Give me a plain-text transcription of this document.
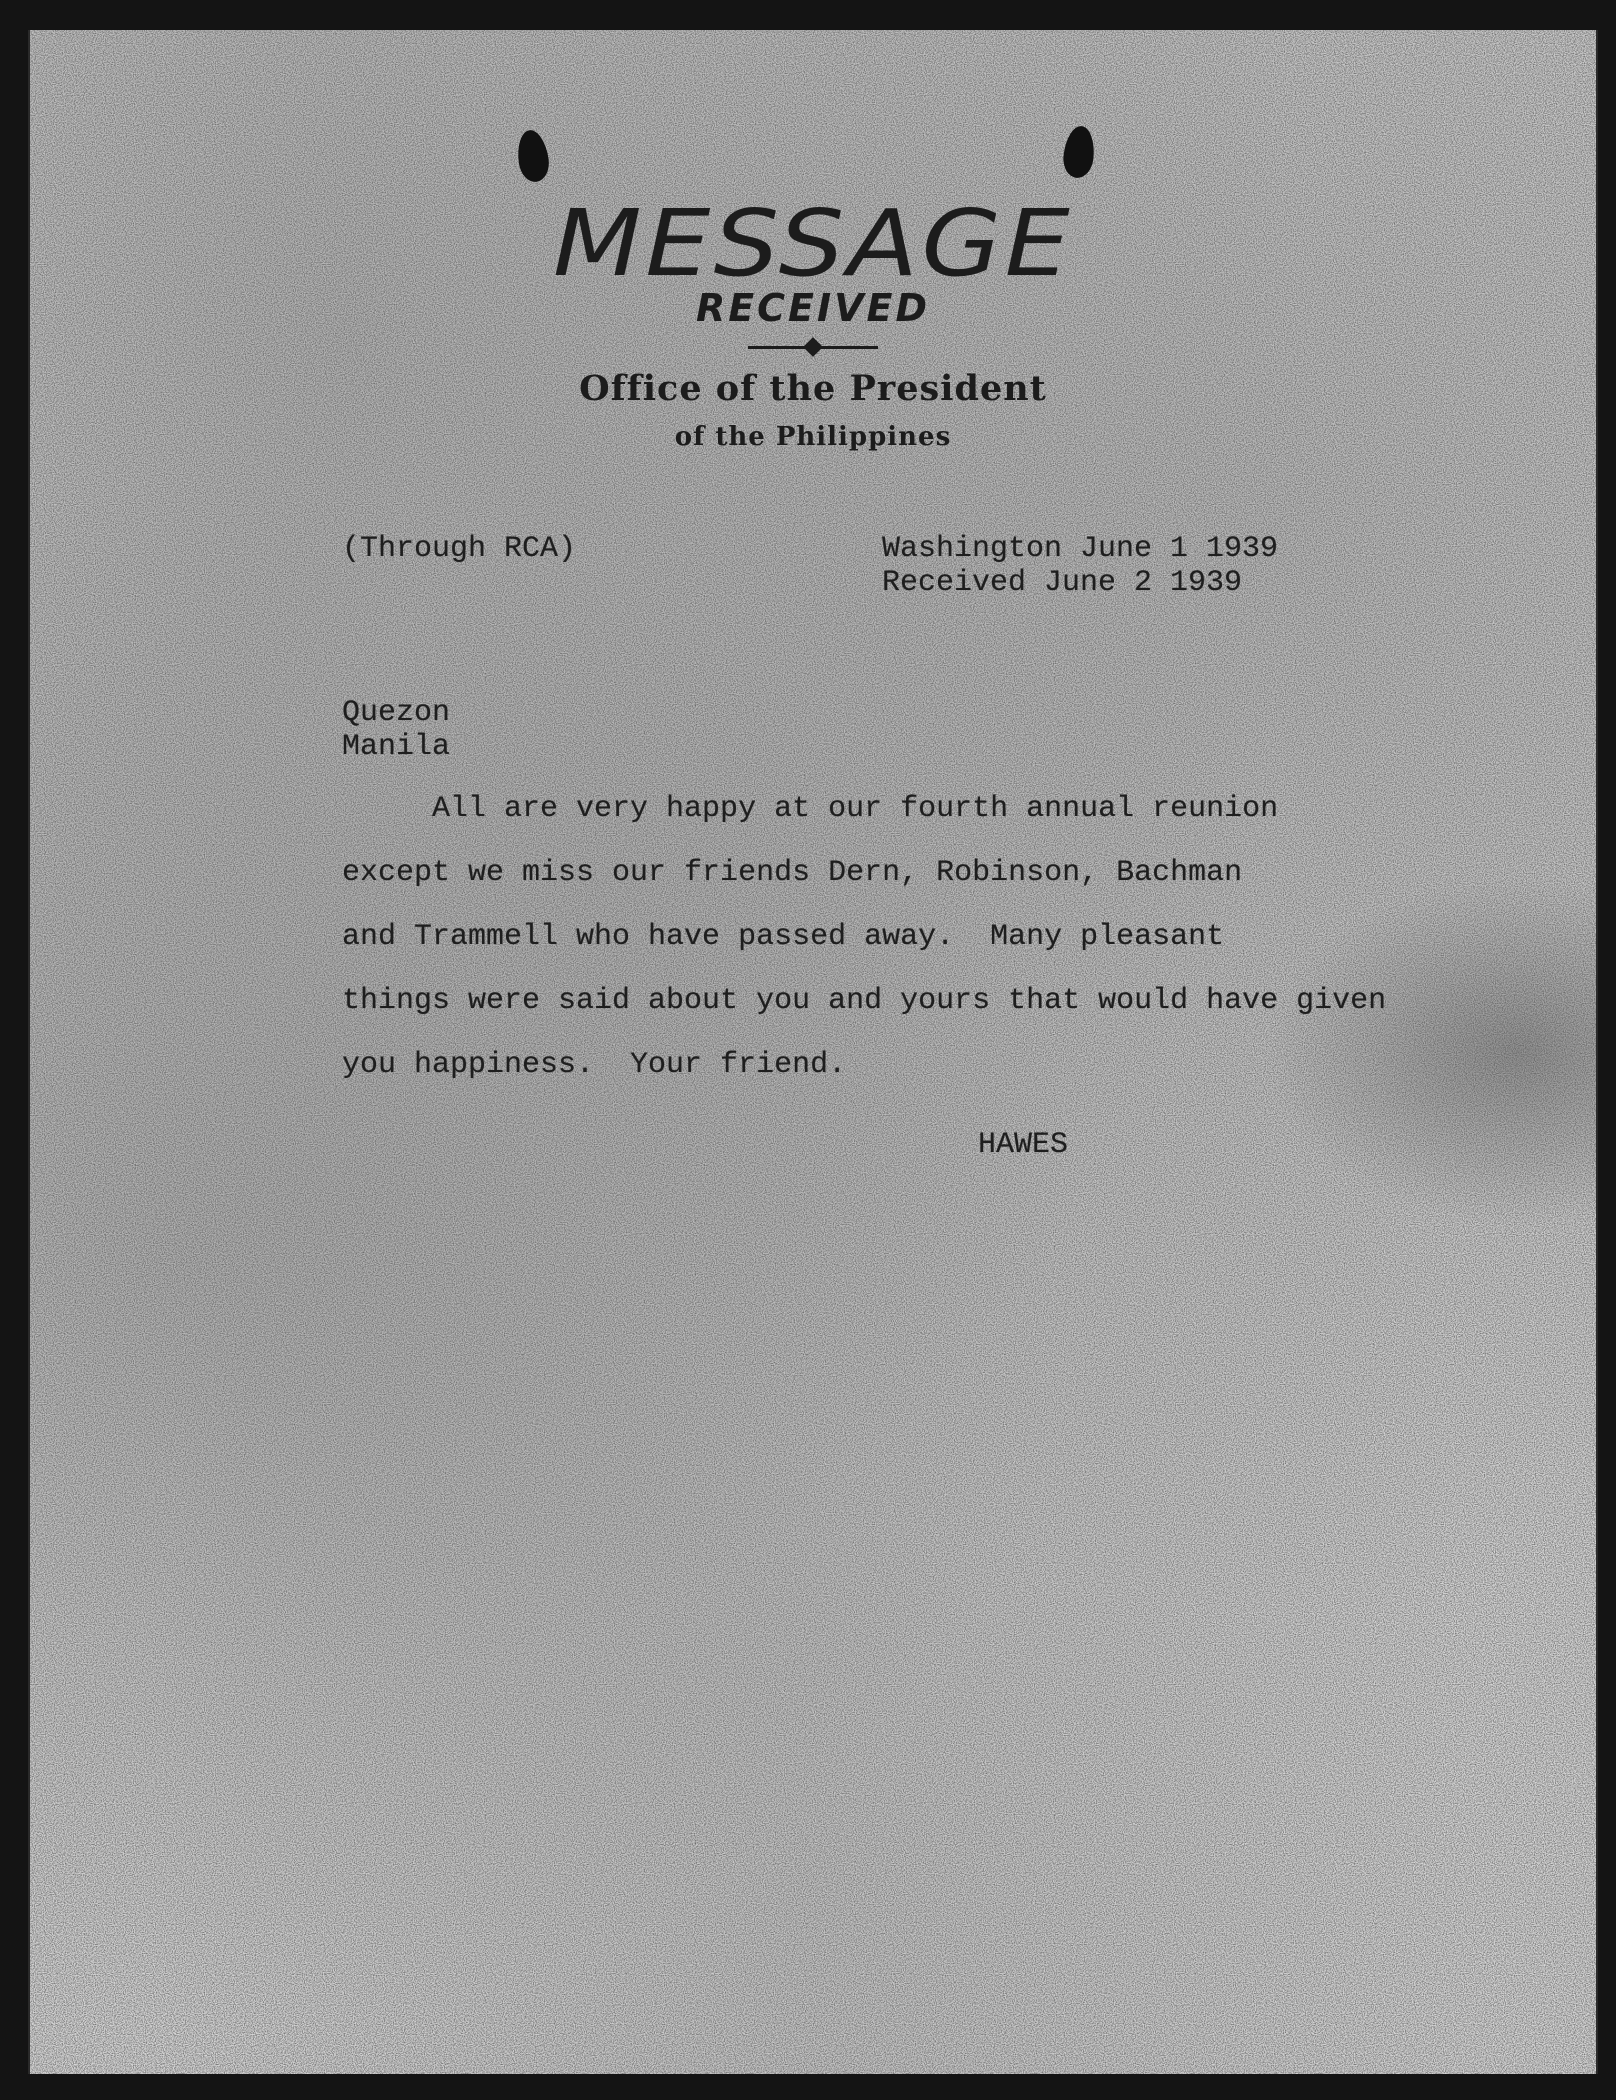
MESSAGE
RECEIVED
Office of the President
of the Philippines
(Through RCA)	Washington June 1 1939
Received June 2 1939
Quezon
Manila
All are very happy at our fourth annual reunion
except we miss our friends Dern, Robinson, Bachman
and Trammell who have passed away.  Many pleasant
things were said about you and yours that would have given
you happiness.  Your friend.
HAWES
